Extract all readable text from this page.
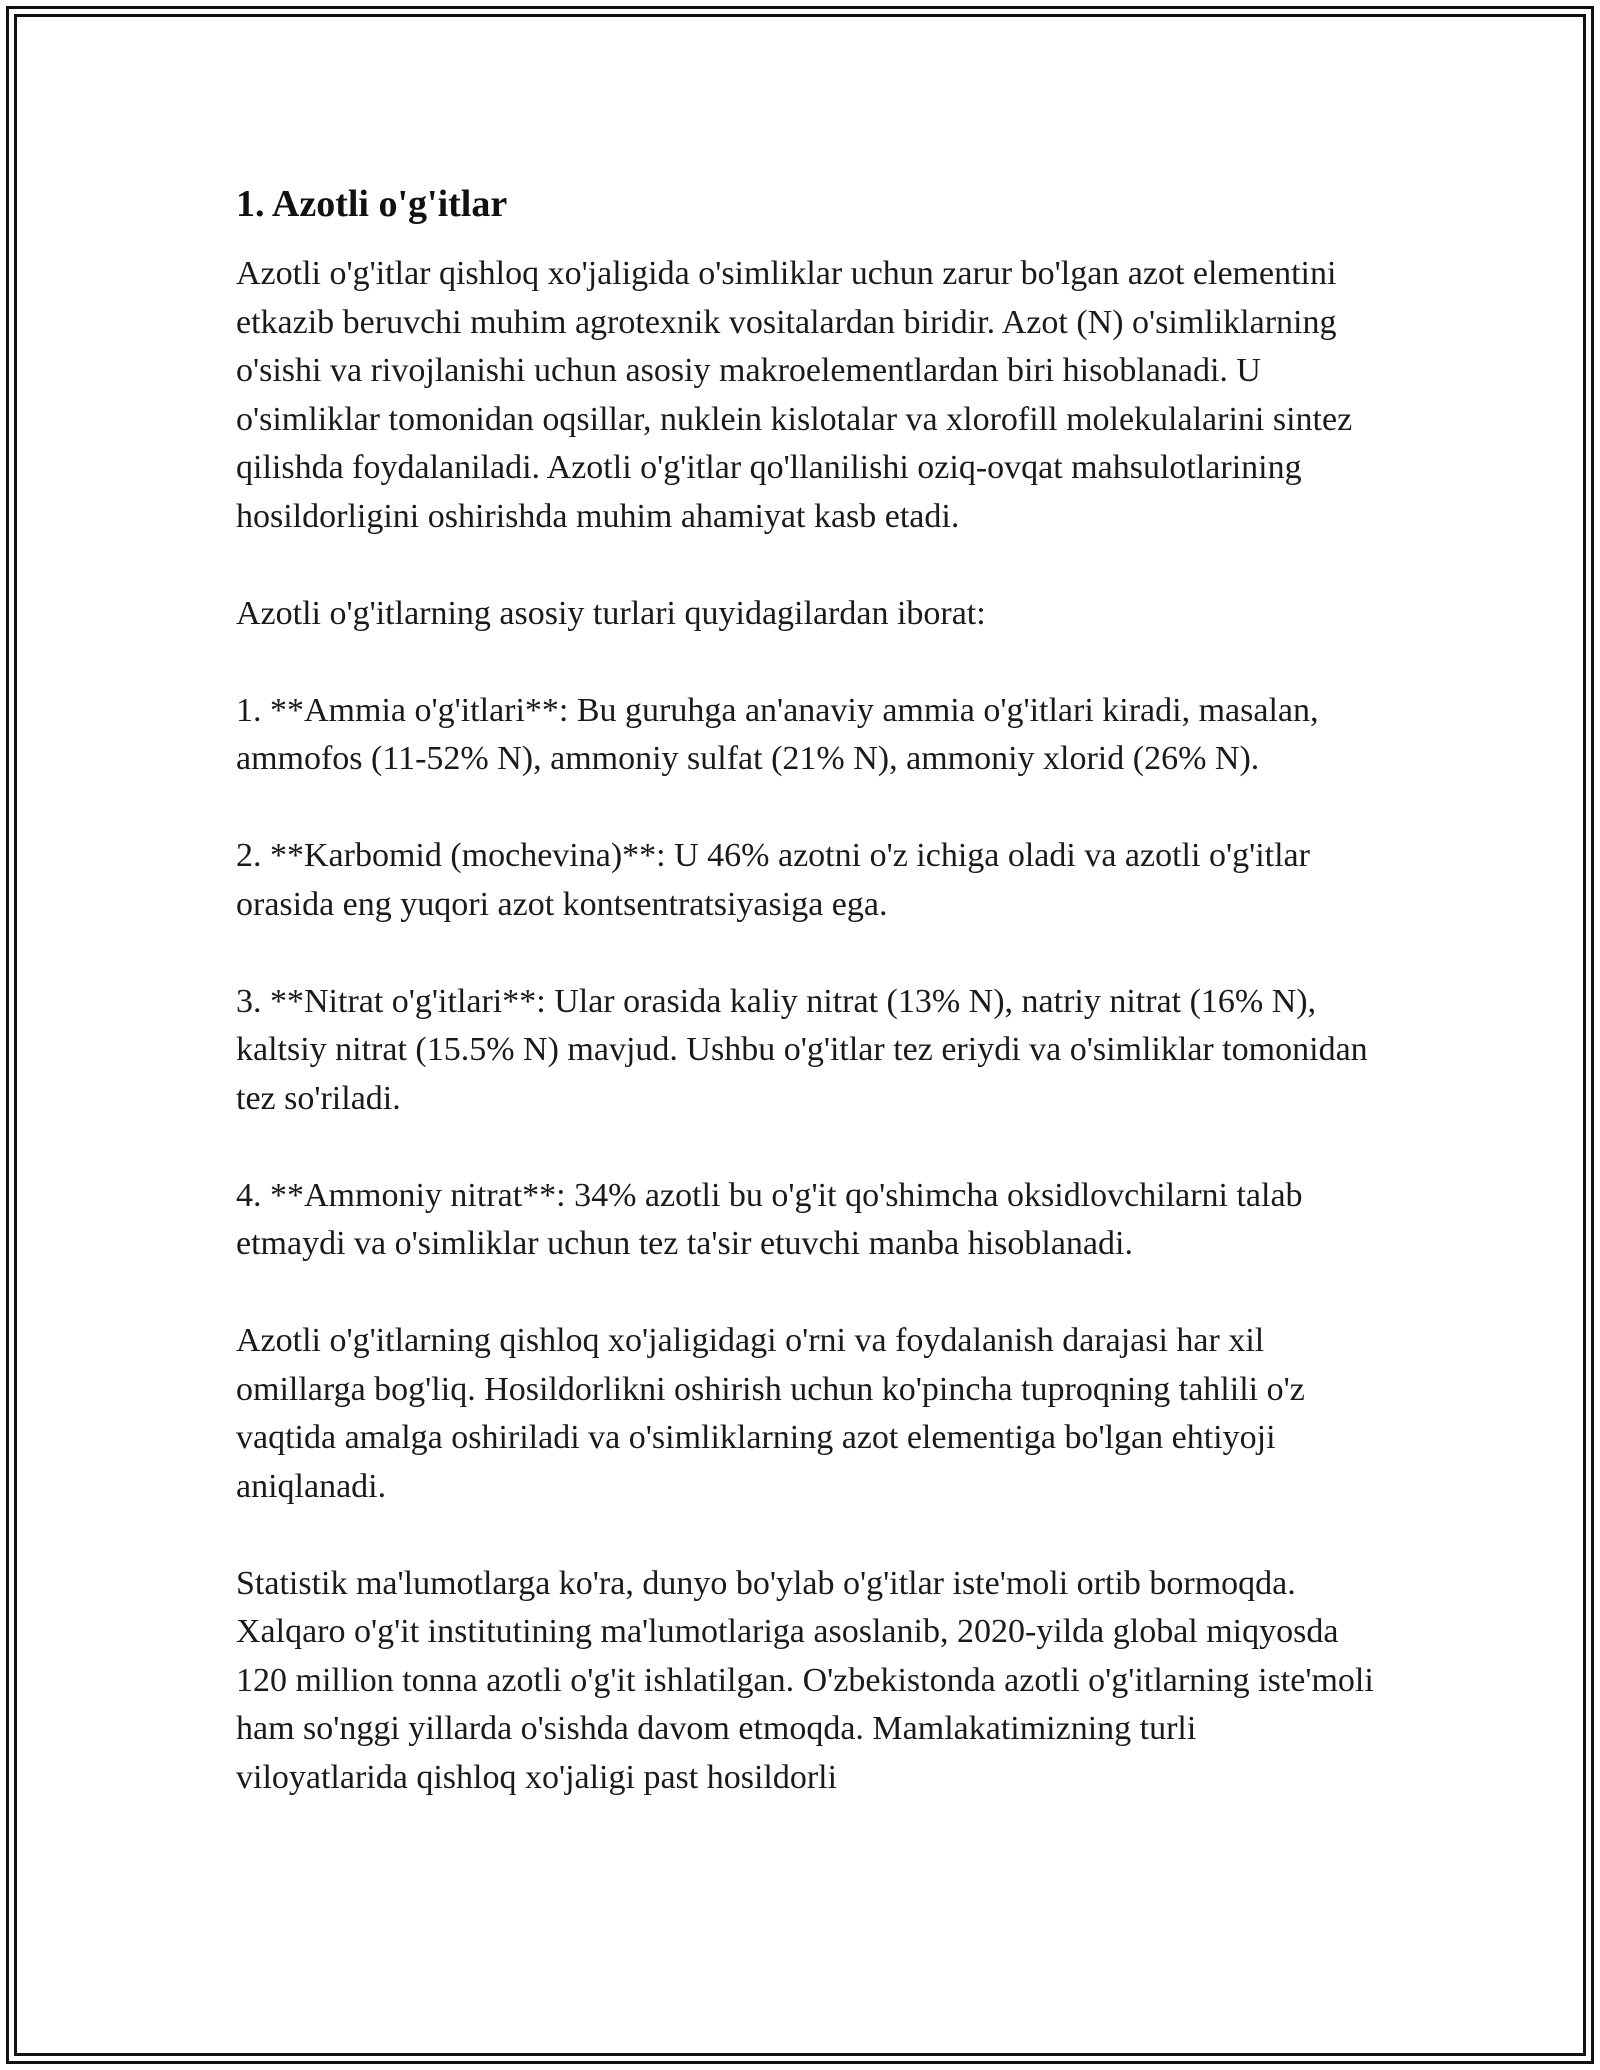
1. Azotli o'g'itlar

Azotli o'g'itlar qishloq xo'jaligida o'simliklar uchun zarur bo'lgan azot elementini etkazib beruvchi muhim agrotexnik vositalardan biridir. Azot (N) o'simliklarning o'sishi va rivojlanishi uchun asosiy makroelementlardan biri hisoblanadi. U o'simliklar tomonidan oqsillar, nuklein kislotalar va xlorofill molekulalarini sintez qilishda foydalaniladi. Azotli o'g'itlar qo'llanilishi oziq-ovqat mahsulotlarining hosildorligini oshirishda muhim ahamiyat kasb etadi.

Azotli o'g'itlarning asosiy turlari quyidagilardan iborat:

1. **Ammia o'g'itlari**: Bu guruhga an'anaviy ammia o'g'itlari kiradi, masalan, ammofos (11-52% N), ammoniy sulfat (21% N), ammoniy xlorid (26% N).

2. **Karbomid (mochevina)**: U 46% azotni o'z ichiga oladi va azotli o'g'itlar orasida eng yuqori azot kontsentratsiyasiga ega.

3. **Nitrat o'g'itlari**: Ular orasida kaliy nitrat (13% N), natriy nitrat (16% N), kaltsiy nitrat (15.5% N) mavjud. Ushbu o'g'itlar tez eriydi va o'simliklar tomonidan tez so'riladi.

4. **Ammoniy nitrat**: 34% azotli bu o'g'it qo'shimcha oksidlovchilarni talab etmaydi va o'simliklar uchun tez ta'sir etuvchi manba hisoblanadi.

Azotli o'g'itlarning qishloq xo'jaligidagi o'rni va foydalanish darajasi har xil omillarga bog'liq. Hosildorlikni oshirish uchun ko'pincha tuproqning tahlili o'z vaqtida amalga oshiriladi va o'simliklarning azot elementiga bo'lgan ehtiyoji aniqlanadi.

Statistik ma'lumotlarga ko'ra, dunyo bo'ylab o'g'itlar iste'moli ortib bormoqda. Xalqaro o'g'it institutining ma'lumotlariga asoslanib, 2020-yilda global miqyosda 120 million tonna azotli o'g'it ishlatilgan. O'zbekistonda azotli o'g'itlarning iste'moli ham so'nggi yillarda o'sishda davom etmoqda. Mamlakatimizning turli viloyatlarida qishloq xo'jaligi past hosildorli
